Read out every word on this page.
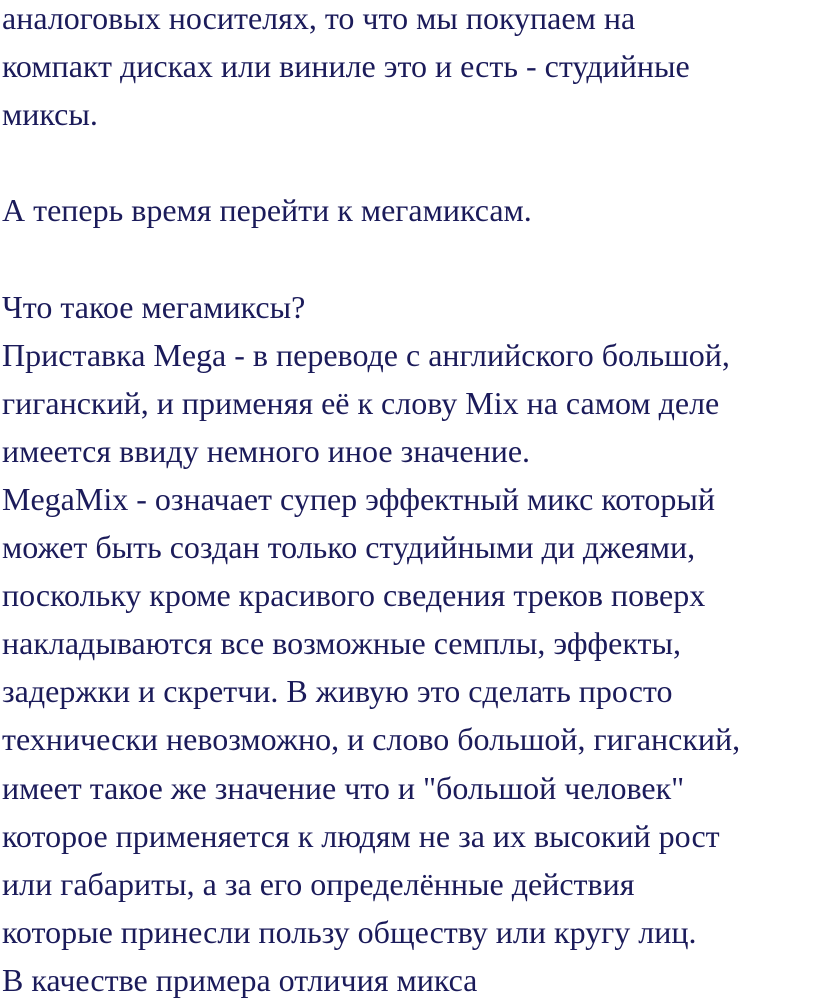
аналоговых носителях, то что мы покупаем на
компакт дисках или виниле это и есть - студийные
миксы.
А теперь время перейти к мегамиксам.
Что такое мегамиксы?
Приставка Mega - в переводе с английского большой,
гиганский, и применяя её к слову Mix на самом деле
имеется ввиду немного иное значение.
MegaMix - означает супер эффектный микс который
может быть создан только студийными ди джеями,
поскольку кроме красивого сведения треков поверх
накладываются все возможные семплы, эффекты,
задержки и скретчи. В живую это сделать просто
технически невозможно, и слово большой, гиганский,
имеет такое же значение что и "большой человек"
которое применяется к людям не за их высокий рост
или габариты, а за его определённые действия
которые принесли пользу обществу или кругу лиц.
В качестве примера отличия микса
